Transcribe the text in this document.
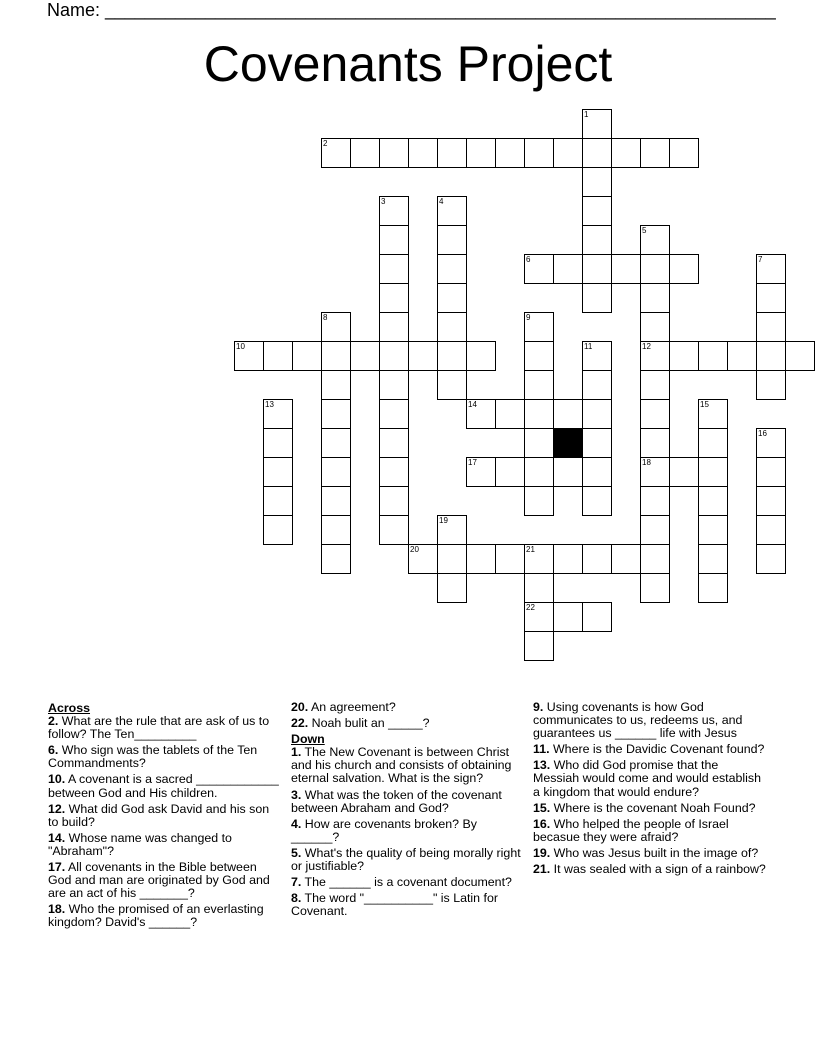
Name: ___________________________________________________________________
Covenants Project
1
2
3	4
5
12
18
6	7
8	9
10	11
13	14	15
16
17
19
20	21
22
Across
2. What are the rule that are ask of us to follow? The Ten_________
6. Who sign was the tablets of the Ten Commandments?
10. A covenant is a sacred ____________ between God and His children.
12. What did God ask David and his son to build?
14. Whose name was changed to "Abraham"?
17. All covenants in the Bible between God and man are originated by God and are an act of his _______?
18. Who the promised of an everlasting kingdom? David's ______?
20. An agreement?
22. Noah bulit an _____?
Down
1. The New Covenant is between Christ and his church and consists of obtaining eternal salvation. What is the sign?
3. What was the token of the covenant between Abraham and God?
4. How are covenants broken? By ______?
5. What's the quality of being morally right or justifiable?
7. The ______ is a covenant document?
8. The word "__________" is Latin for Covenant.
9. Using covenants is how God communicates to us, redeems us, and guarantees us ______ life with Jesus
11. Where is the Davidic Covenant found?
13. Who did God promise that the Messiah would come and would establish a kingdom that would endure?
15. Where is the covenant Noah Found?
16. Who helped the people of Israel becasue they were afraid?
19. Who was Jesus built in the image of?
21. It was sealed with a sign of a rainbow?
